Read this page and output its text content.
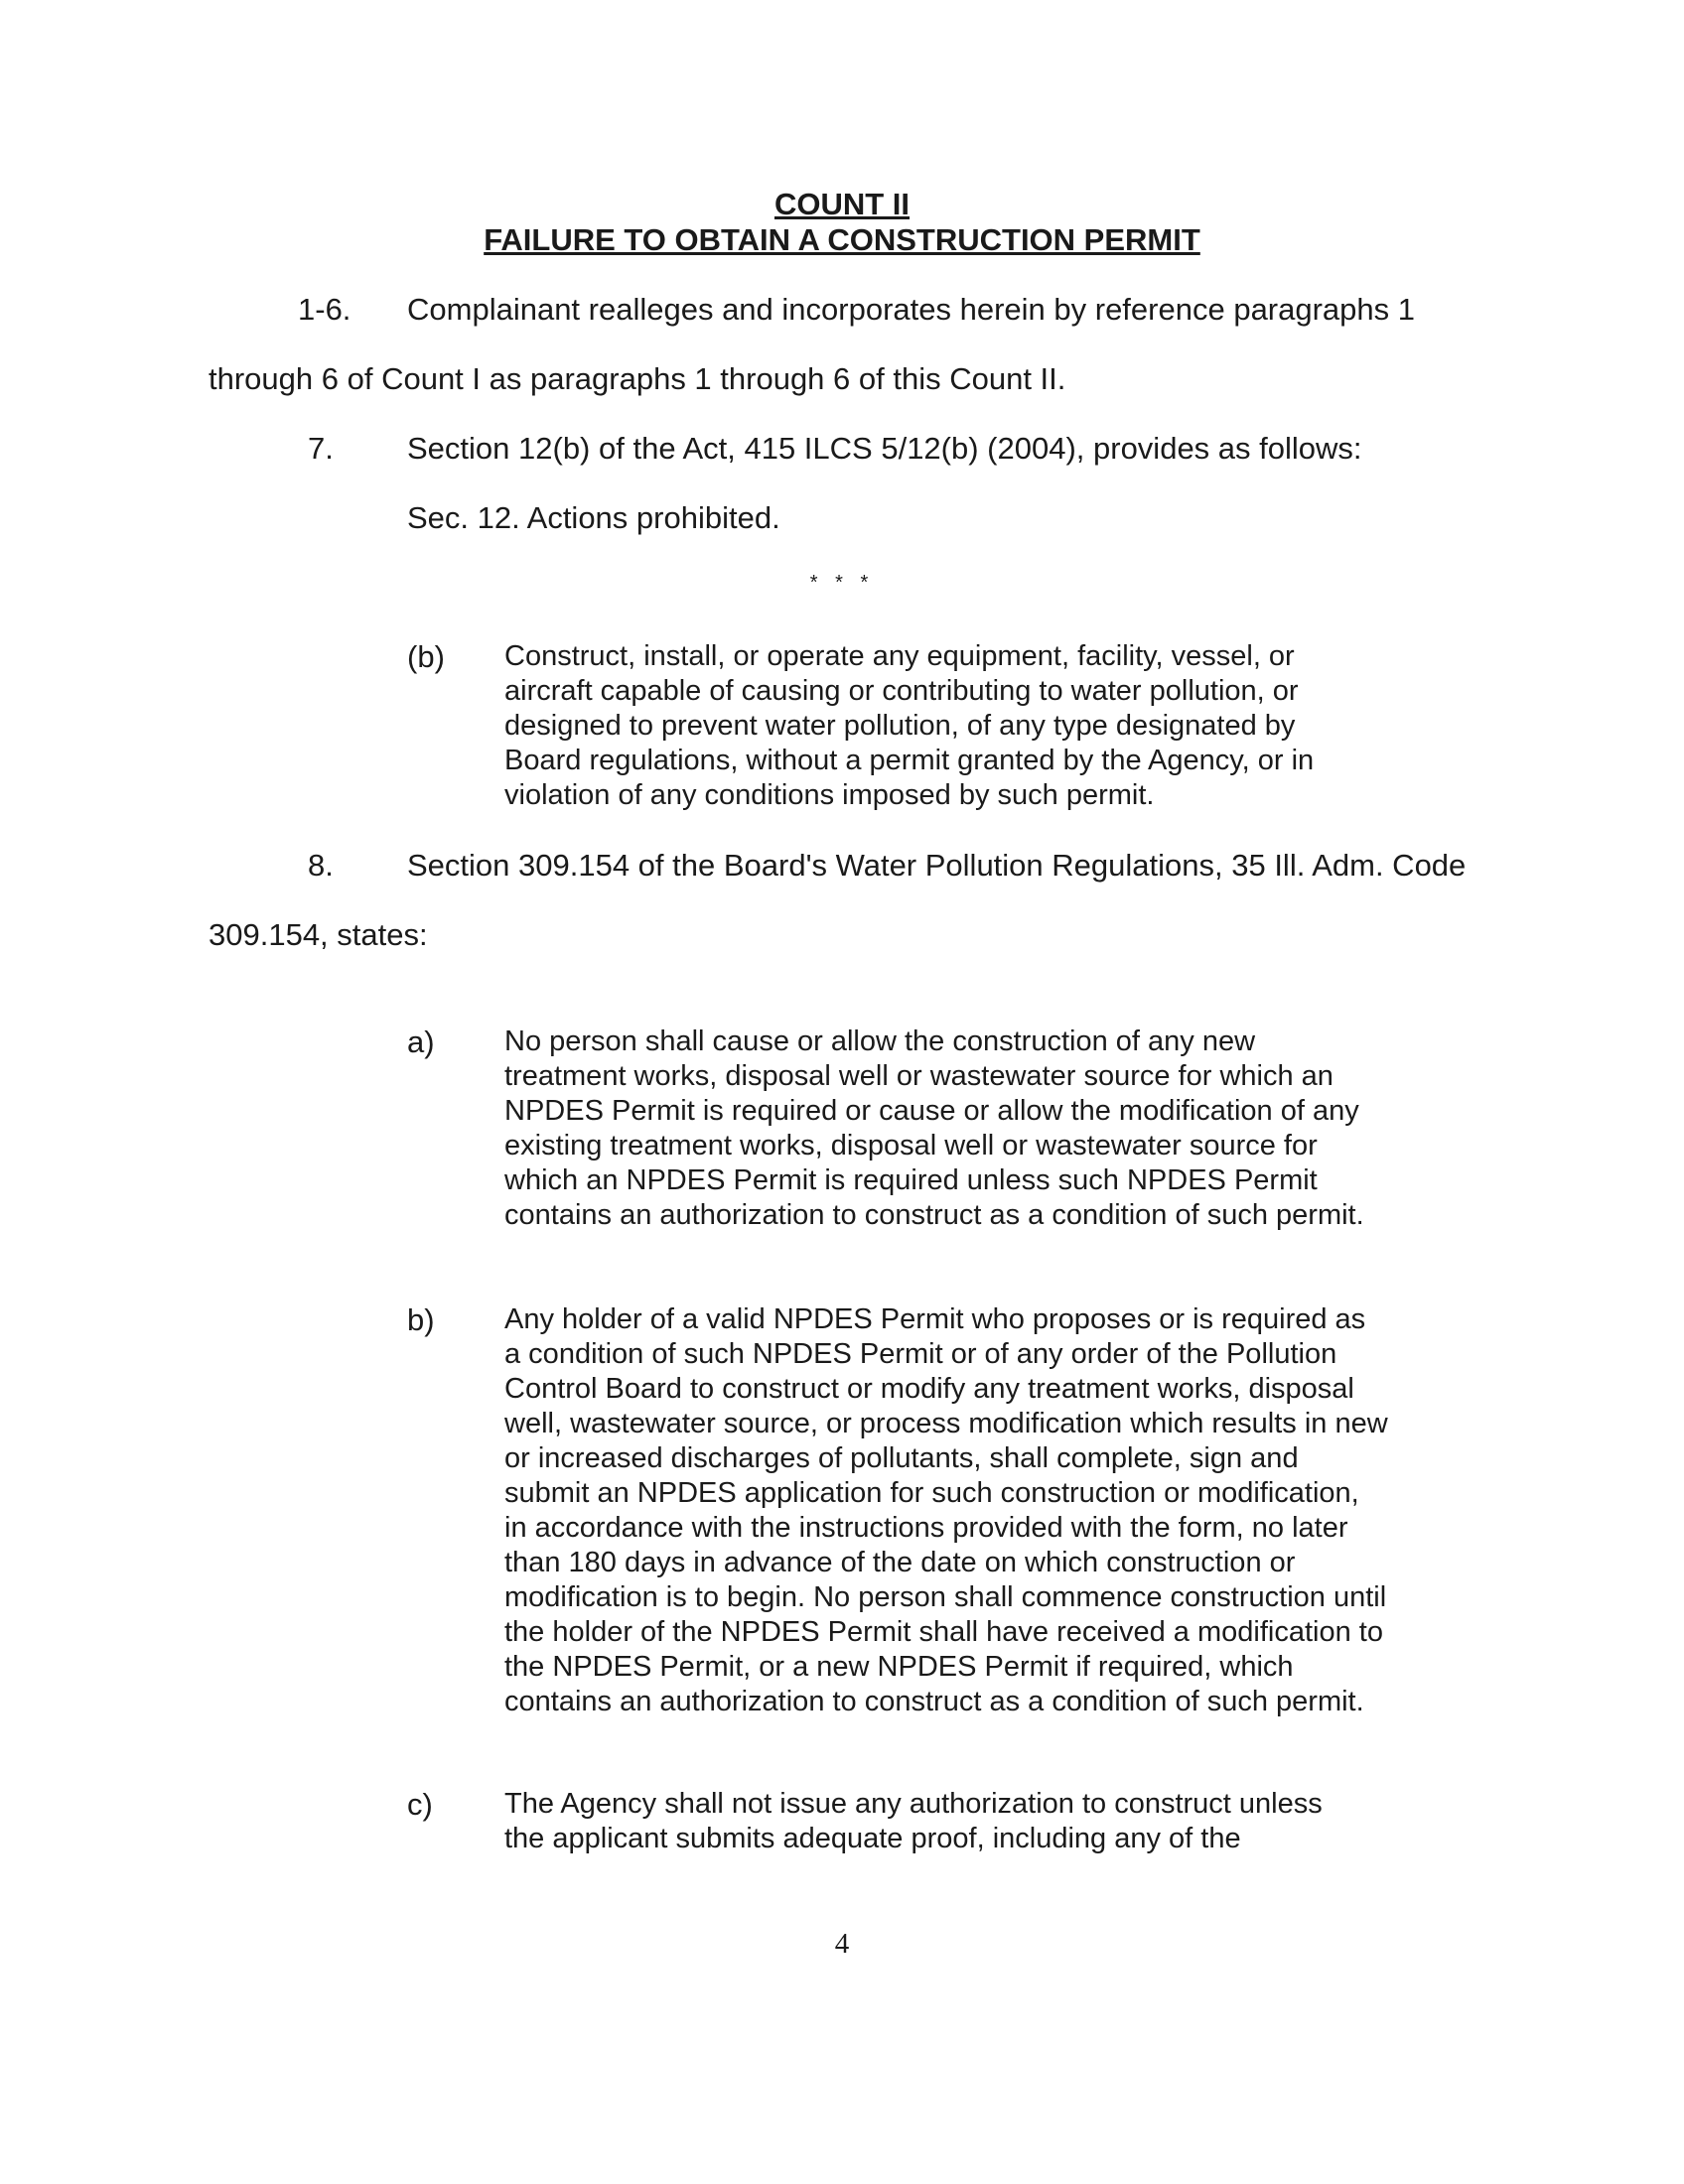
COUNT II
FAILURE TO OBTAIN A CONSTRUCTION PERMIT
1-6. Complainant realleges and incorporates herein by reference paragraphs 1
through 6 of Count I as paragraphs 1 through 6 of this Count II.
7. Section 12(b) of the Act, 415 ILCS 5/12(b) (2004), provides as follows:
Sec. 12. Actions prohibited.
* * *
(b) Construct, install, or operate any equipment, facility, vessel, or aircraft capable of causing or contributing to water pollution, or designed to prevent water pollution, of any type designated by Board regulations, without a permit granted by the Agency, or in violation of any conditions imposed by such permit.
8. Section 309.154 of the Board's Water Pollution Regulations, 35 Ill. Adm. Code
309.154, states:
a) No person shall cause or allow the construction of any new treatment works, disposal well or wastewater source for which an NPDES Permit is required or cause or allow the modification of any existing treatment works, disposal well or wastewater source for which an NPDES Permit is required unless such NPDES Permit contains an authorization to construct as a condition of such permit.
b) Any holder of a valid NPDES Permit who proposes or is required as a condition of such NPDES Permit or of any order of the Pollution Control Board to construct or modify any treatment works, disposal well, wastewater source, or process modification which results in new or increased discharges of pollutants, shall complete, sign and submit an NPDES application for such construction or modification, in accordance with the instructions provided with the form, no later than 180 days in advance of the date on which construction or modification is to begin. No person shall commence construction until the holder of the NPDES Permit shall have received a modification to the NPDES Permit, or a new NPDES Permit if required, which contains an authorization to construct as a condition of such permit.
c) The Agency shall not issue any authorization to construct unless the applicant submits adequate proof, including any of the
4
